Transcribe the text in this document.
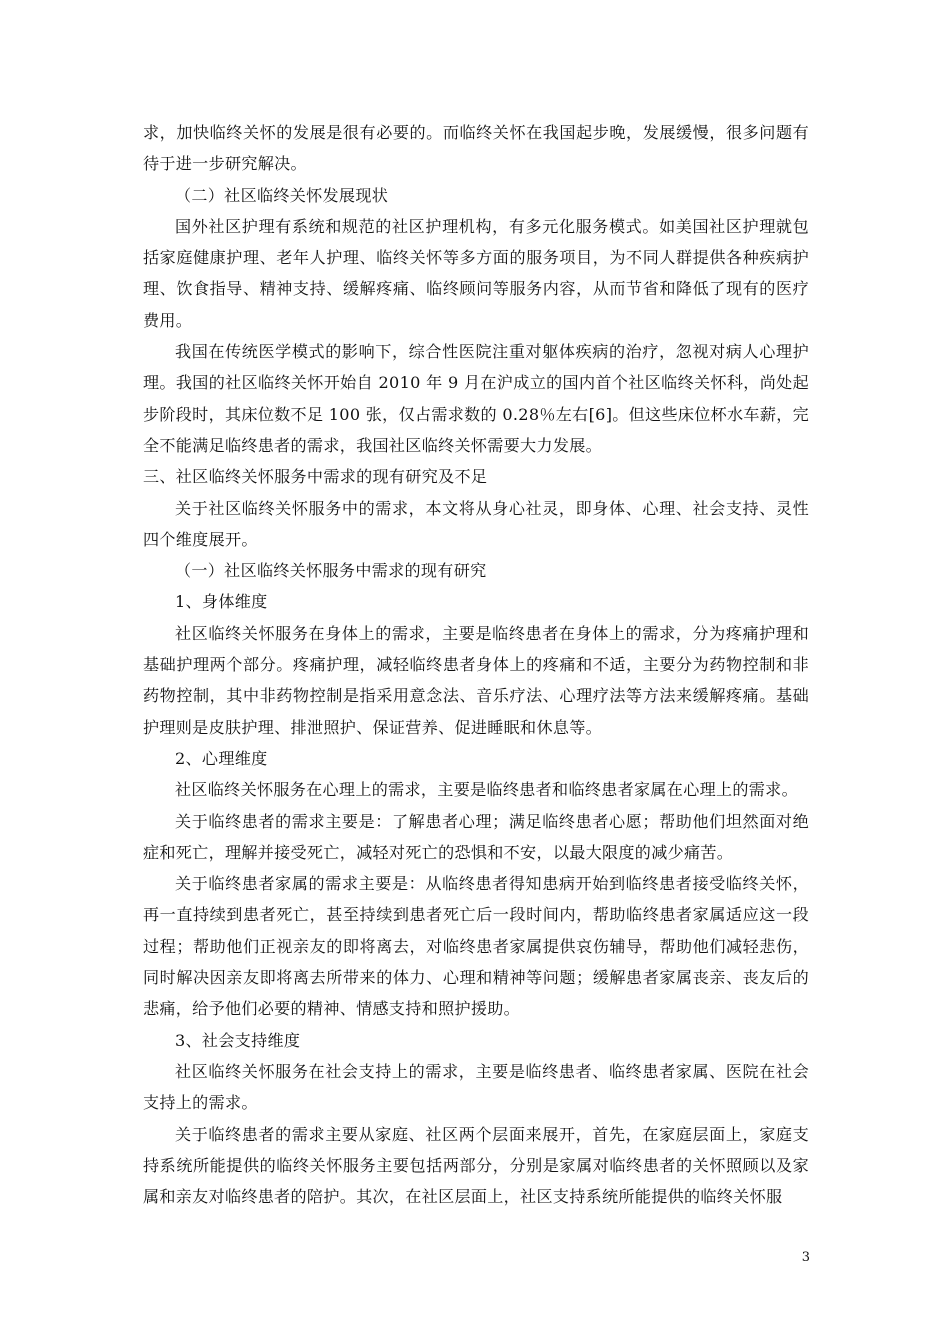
求，加快临终关怀的发展是很有必要的。而临终关怀在我国起步晚，发展缓慢，很多问题有待于进一步研究解决。

（二）社区临终关怀发展现状

国外社区护理有系统和规范的社区护理机构，有多元化服务模式。如美国社区护理就包括家庭健康护理、老年人护理、临终关怀等多方面的服务项目，为不同人群提供各种疾病护理、饮食指导、精神支持、缓解疼痛、临终顾问等服务内容，从而节省和降低了现有的医疗费用。

我国在传统医学模式的影响下，综合性医院注重对躯体疾病的治疗，忽视对病人心理护理。我国的社区临终关怀开始自 2010 年 9 月在沪成立的国内首个社区临终关怀科，尚处起步阶段时，其床位数不足 100 张，仅占需求数的 0.28％左右[6]。但这些床位杯水车薪，完全不能满足临终患者的需求，我国社区临终关怀需要大力发展。

三、社区临终关怀服务中需求的现有研究及不足

关于社区临终关怀服务中的需求，本文将从身心社灵，即身体、心理、社会支持、灵性四个维度展开。

（一）社区临终关怀服务中需求的现有研究

1、身体维度

社区临终关怀服务在身体上的需求，主要是临终患者在身体上的需求，分为疼痛护理和基础护理两个部分。疼痛护理，减轻临终患者身体上的疼痛和不适，主要分为药物控制和非药物控制，其中非药物控制是指采用意念法、音乐疗法、心理疗法等方法来缓解疼痛。基础护理则是皮肤护理、排泄照护、保证营养、促进睡眠和休息等。

2、心理维度

社区临终关怀服务在心理上的需求，主要是临终患者和临终患者家属在心理上的需求。

关于临终患者的需求主要是：了解患者心理；满足临终患者心愿；帮助他们坦然面对绝症和死亡，理解并接受死亡，减轻对死亡的恐惧和不安，以最大限度的减少痛苦。

关于临终患者家属的需求主要是：从临终患者得知患病开始到临终患者接受临终关怀，再一直持续到患者死亡，甚至持续到患者死亡后一段时间内，帮助临终患者家属适应这一段过程；帮助他们正视亲友的即将离去，对临终患者家属提供哀伤辅导，帮助他们减轻悲伤，同时解决因亲友即将离去所带来的体力、心理和精神等问题；缓解患者家属丧亲、丧友后的悲痛，给予他们必要的精神、情感支持和照护援助。

3、社会支持维度

社区临终关怀服务在社会支持上的需求，主要是临终患者、临终患者家属、医院在社会支持上的需求。

关于临终患者的需求主要从家庭、社区两个层面来展开，首先，在家庭层面上，家庭支持系统所能提供的临终关怀服务主要包括两部分，分别是家属对临终患者的关怀照顾以及家属和亲友对临终患者的陪护。其次，在社区层面上，社区支持系统所能提供的临终关怀服

3
